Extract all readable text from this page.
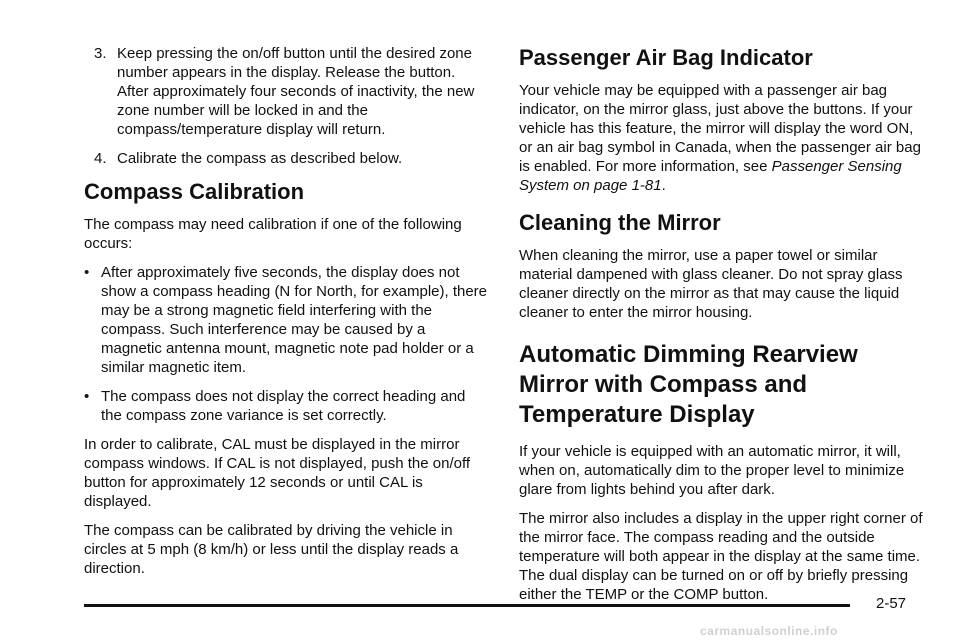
3. Keep pressing the on/off button until the desired zone number appears in the display. Release the button. After approximately four seconds of inactivity, the new zone number will be locked in and the compass/temperature display will return.
4. Calibrate the compass as described below.
Compass Calibration

The compass may need calibration if one of the following occurs:

• After approximately five seconds, the display does not show a compass heading (N for North, for example), there may be a strong magnetic field interfering with the compass. Such interference may be caused by a magnetic antenna mount, magnetic note pad holder or a similar magnetic item.
• The compass does not display the correct heading and the compass zone variance is set correctly.

In order to calibrate, CAL must be displayed in the mirror compass windows. If CAL is not displayed, push the on/off button for approximately 12 seconds or until CAL is displayed.

The compass can be calibrated by driving the vehicle in circles at 5 mph (8 km/h) or less until the display reads a direction.

Passenger Air Bag Indicator

Your vehicle may be equipped with a passenger air bag indicator, on the mirror glass, just above the buttons. If your vehicle has this feature, the mirror will display the word ON, or an air bag symbol in Canada, when the passenger air bag is enabled. For more information, see Passenger Sensing System on page 1-81.

Cleaning the Mirror

When cleaning the mirror, use a paper towel or similar material dampened with glass cleaner. Do not spray glass cleaner directly on the mirror as that may cause the liquid cleaner to enter the mirror housing.

Automatic Dimming Rearview Mirror with Compass and Temperature Display

If your vehicle is equipped with an automatic mirror, it will, when on, automatically dim to the proper level to minimize glare from lights behind you after dark.

The mirror also includes a display in the upper right corner of the mirror face. The compass reading and the outside temperature will both appear in the display at the same time. The dual display can be turned on or off by briefly pressing either the TEMP or the COMP button.

2-57
carmanualsonline.info
